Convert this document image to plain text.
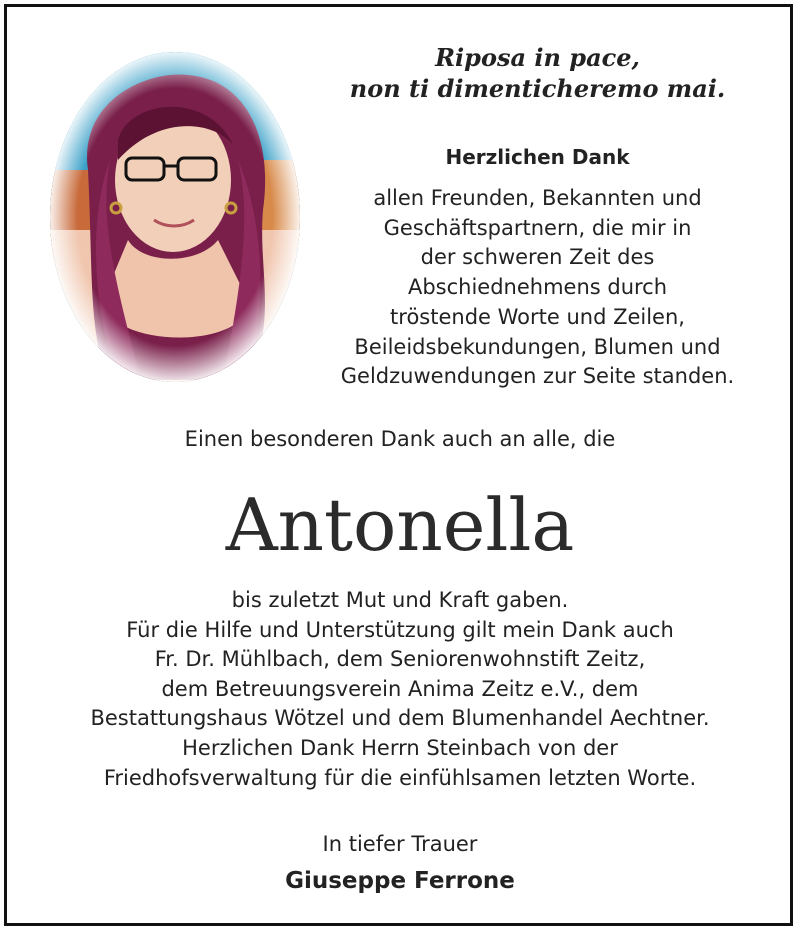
Riposa in pace,
non ti dimenticheremo mai.
Herzlichen Dank
allen Freunden, Bekannten und
Geschäftspartnern, die mir in
der schweren Zeit des
Abschiednehmens durch
tröstende Worte und Zeilen,
Beileidsbekundungen, Blumen und
Geldzuwendungen zur Seite standen.
Einen besonderen Dank auch an alle, die
Antonella
bis zuletzt Mut und Kraft gaben.
Für die Hilfe und Unterstützung gilt mein Dank auch
Fr. Dr. Mühlbach, dem Seniorenwohnstift Zeitz,
dem Betreuungsverein Anima Zeitz e.V., dem
Bestattungshaus Wötzel und dem Blumenhandel Aechtner.
Herzlichen Dank Herrn Steinbach von der
Friedhofsverwaltung für die einfühlsamen letzten Worte.
In tiefer Trauer
Giuseppe Ferrone
